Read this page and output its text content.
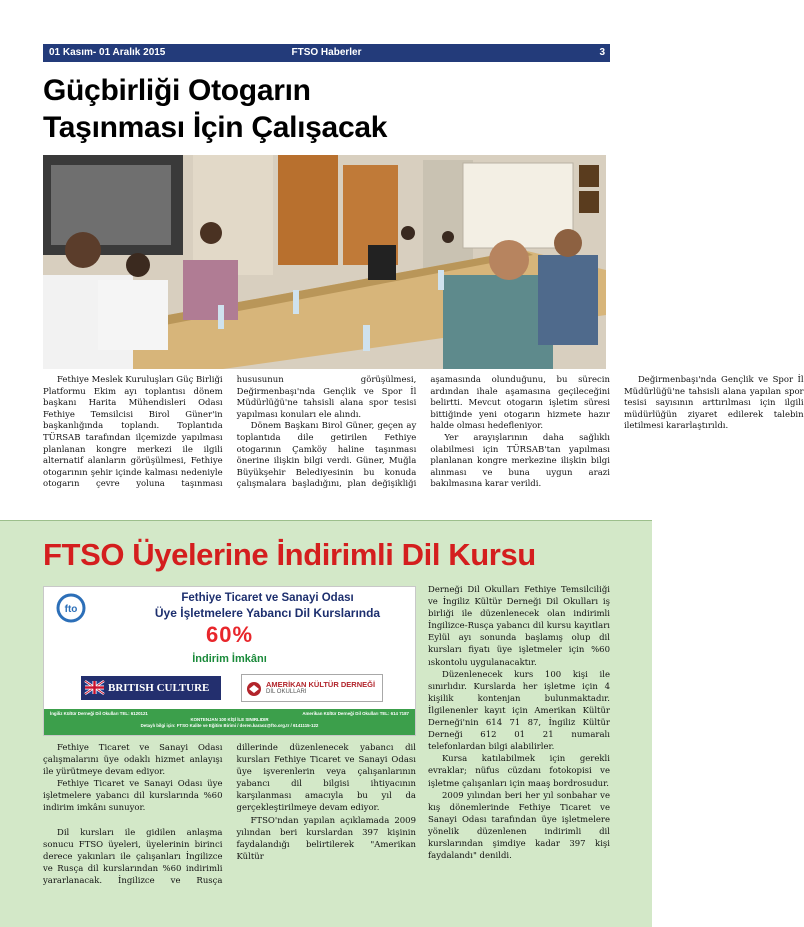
01 Kasım- 01 Aralık 2015	FTSO Haberler	3
Güçbirliği Otogarın
Taşınması İçin Çalışacak

Fethiye Meslek Kuruluşları Güç Birliği Platformu Ekim ayı toplantısı dönem başkanı Harita Mühendisleri Odası Fethiye Temsilcisi Birol Güner'in başkanlığında toplandı. Toplantıda TÜRSAB tarafından ilçemizde yapılması planlanan kongre merkezi ile ilgili alternatif alanların görüşülmesi, Fethiye otogarının şehir içinde kalması nedeniyle otogarın çevre yoluna taşınması hususunun görüşülmesi, Değirmenbaşı'nda Gençlik ve Spor İl Müdürlüğü'ne tahsisli alana spor tesisi yapılması konuları ele alındı.

Dönem Başkanı Birol Güner, geçen ay toplantıda dile getirilen Fethiye otogarının Çamköy haline taşınması önerine ilişkin bilgi verdi. Güner, Muğla Büyükşehir Belediyesinin bu konuda çalışmalara başladığını, plan değişikliği aşamasında olunduğunu, bu sürecin ardından ihale aşamasına geçileceğini belirtti. Mevcut otogarın işletim süresi bittiğinde yeni otogarın hizmete hazır halde olması hedefleniyor.

Yer arayışlarının daha sağlıklı olabilmesi için TÜRSAB'tan yapılması planlanan kongre merkezine ilişkin bilgi alınması ve buna uygun arazi bakılmasına karar verildi.

Değirmenbaşı'nda Gençlik ve Spor İl Müdürlüğü'ne tahsisli alana yapılan spor tesisi sayısının arttırılması için ilgili müdürlüğün ziyaret edilerek talebin iletilmesi kararlaştırıldı.

FTSO Üyelerine İndirimli Dil Kursu
fto
Fethiye Ticaret ve Sanayi Odası
Üye İşletmelere Yabancı Dil Kurslarında
60%
İndirim İmkânı
BRITISH CULTURE	AMERİKAN KÜLTÜR DERNEĞİ
DİL OKULLARI
İngiliz Kültür Derneği Dil Okulları TEL: 6120121	Amerikan Kültür Derneği Dil Okulları TEL: 614 7187
KONTENJAN 100 KİŞİ İLE SINIRLIDIR
Detaylı bilgi için: FTSO Kalite ve Eğitim Birimi / deren.karaoz@fto.org.tr / 6141115-122

Fethiye Ticaret ve Sanayi Odası çalışmalarını üye odaklı hizmet anlayışı ile yürütmeye devam ediyor.

Fethiye Ticaret ve Sanayi Odası üye işletmelere yabancı dil kurslarında %60 indirim imkânı sunuyor.

Dil kursları ile gidilen anlaşma sonucu FTSO üyeleri, üyelerinin birinci derece yakınları ile çalışanları İngilizce ve Rusça dil kurslarından %60 indirimli yararlanacak. İngilizce ve Rusça dillerinde düzenlenecek yabancı dil kursları Fethiye Ticaret ve Sanayi Odası üye işverenlerin veya çalışanlarının yabancı dil bilgisi ihtiyacının karşılanması amacıyla bu yıl da gerçekleştirilmeye devam ediyor.

FTSO'ndan yapılan açıklamada 2009 yılından beri kurslardan 397 kişinin faydalandığı belirtilerek "Amerikan Kültür

Derneği Dil Okulları Fethiye Temsilciliği ve İngiliz Kültür Derneği Dil Okulları iş birliği ile düzenlenecek olan indirimli İngilizce-Rusça yabancı dil kursu kayıtları Eylül ayı sonunda başlamış olup dil kursları fiyatı üye işletmeler için %60 ıskontolu uygulanacaktır.

Düzenlenecek kurs 100 kişi ile sınırlıdır. Kurslarda her işletme için 4 kişilik kontenjan bulunmaktadır. İlgilenenler kayıt için Amerikan Kültür Derneği'nin 614 71 87, İngiliz Kültür Derneği 612 01 21 numaralı telefonlardan bilgi alabilirler.

Kursa katılabilmek için gerekli evraklar; nüfus cüzdanı fotokopisi ve işletme çalışanları için maaş bordrosudur.

2009 yılından beri her yıl sonbahar ve kış dönemlerinde Fethiye Ticaret ve Sanayi Odası tarafından üye işletmelere yönelik düzenlenen indirimli dil kurslarından şimdiye kadar 397 kişi faydalandı" denildi.
